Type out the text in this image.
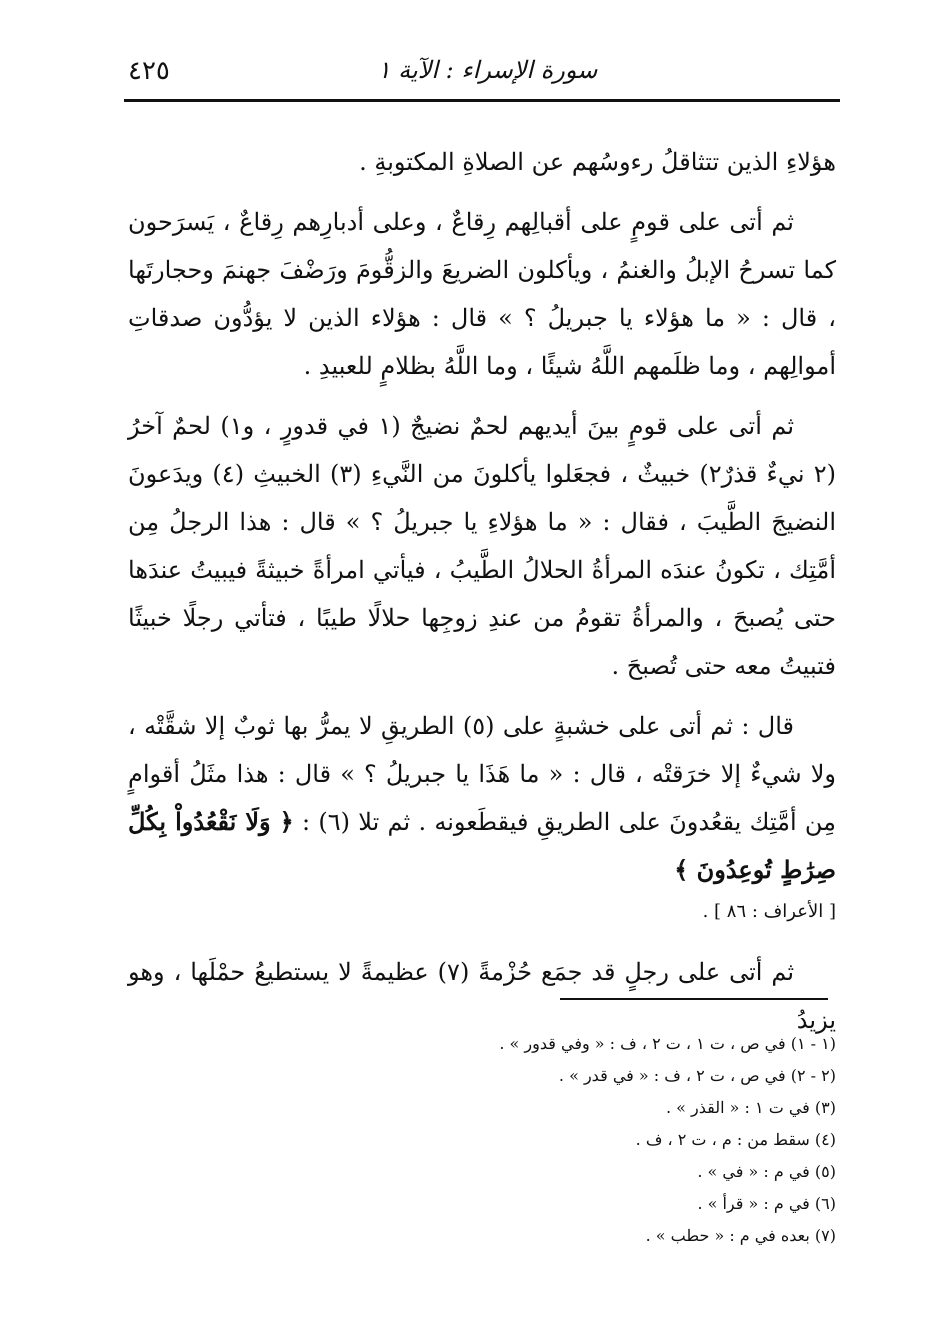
سورة الإسراء : الآية ١
٤٢٥

هؤلاءِ الذين تتثاقلُ رءوسُهم عن الصلاةِ المكتوبةِ .

ثم أتى على قومٍ على أقبالِهم رِقاعٌ ، وعلى أدبارِهم رِقاعٌ ، يَسرَحون كما تسرحُ الإبلُ والغنمُ ، ويأكلون الضريعَ والزقُّومَ ورَضْفَ جهنمَ وحجارتَها ، قال : « ما هؤلاء يا جبريلُ ؟ » قال : هؤلاء الذين لا يؤدُّون صدقاتِ أموالِهم ، وما ظلَمهم اللَّهُ شيئًا ، وما اللَّهُ بظلامٍ للعبيدِ .

ثم أتى على قومٍ بينَ أيديهم لحمٌ نضيجٌ (١ في قدورٍ ، و١) لحمٌ آخرُ (٢ نيءٌ قذرٌ٢) خبيثٌ ، فجعَلوا يأكلونَ من النَّيءِ (٣) الخبيثِ (٤) ويدَعونَ النضيجَ الطَّيبَ ، فقال : « ما هؤلاءِ يا جبريلُ ؟ » قال : هذا الرجلُ مِن أمَّتِك ، تكونُ عندَه المرأةُ الحلالُ الطَّيبُ ، فيأتي امرأةً خبيثةً فيبيتُ عندَها حتى يُصبحَ ، والمرأةُ تقومُ من عندِ زوجِها حلالًا طيبًا ، فتأتي رجلًا خبيثًا فتبيتُ معه حتى تُصبحَ .

قال : ثم أتى على خشبةٍ على (٥) الطريقِ لا يمرُّ بها ثوبٌ إلا شقَّتْه ، ولا شيءٌ إلا خرَقتْه ، قال : « ما هَذَا يا جبريلُ ؟ » قال : هذا مثَلُ أقوامٍ مِن أمَّتِك يقعُدونَ على الطريقِ فيقطَعونه . ثم تلا (٦) : ﴿ وَلَا نَقْعُدُواْ بِكُلِّ صِرَٰطٍ تُوعِدُونَ ﴾

[ الأعراف : ٨٦ ] .

ثم أتى على رجلٍ قد جمَع حُزْمةً (٧) عظيمةً لا يستطيعُ حمْلَها ، وهو يزيدُ

(١ - ١) في ص ، ت ١ ، ت ٢ ، ف : « وفي قدور » .

(٢ - ٢) في ص ، ت ٢ ، ف : « في قدر » .

(٣) في ت ١ : « القذر » .

(٤) سقط من : م ، ت ٢ ، ف .

(٥) في م : « في » .

(٦) في م : « قرأ » .

(٧) بعده في م : « حطب » .
